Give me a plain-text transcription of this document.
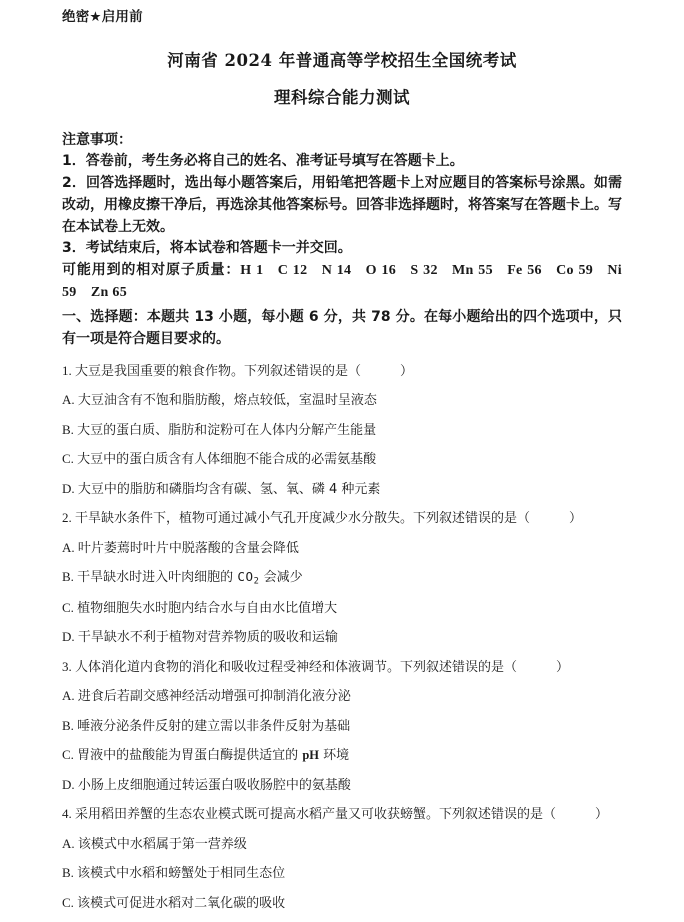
绝密★启用前
河南省 2024 年普通高等学校招生全国统考试
理科综合能力测试
注意事项：
1．答卷前，考生务必将自己的姓名、准考证号填写在答题卡上。
2．回答选择题时，选出每小题答案后，用铅笔把答题卡上对应题目的答案标号涂黑。如需改动，用橡皮擦干净后，再选涂其他答案标号。回答非选择题时，将答案写在答题卡上。写在本试卷上无效。
3．考试结束后，将本试卷和答题卡一并交回。
可能用到的相对原子质量：H 1 C 12 N 14 O 16 S 32 Mn 55 Fe 56 Co 59 Ni 59 Zn 65
一、选择题：本题共 13 小题，每小题 6 分，共 78 分。在每小题给出的四个选项中，只有一项是符合题目要求的。
1. 大豆是我国重要的粮食作物。下列叙述错误的是（　　　）
A. 大豆油含有不饱和脂肪酸，熔点较低，室温时呈液态
B. 大豆的蛋白质、脂肪和淀粉可在人体内分解产生能量
C. 大豆中的蛋白质含有人体细胞不能合成的必需氨基酸
D. 大豆中的脂肪和磷脂均含有碳、氢、氧、磷 4 种元素
2. 干旱缺水条件下，植物可通过减小气孔开度减少水分散失。下列叙述错误的是（　　　）
A. 叶片萎蔫时叶片中脱落酸的含量会降低
B. 干旱缺水时进入叶肉细胞的 $CO_2$ 会减少
C. 植物细胞失水时胞内结合水与自由水比值增大
D. 干旱缺水不利于植物对营养物质的吸收和运输
3. 人体消化道内食物的消化和吸收过程受神经和体液调节。下列叙述错误的是（　　　）
A. 进食后若副交感神经活动增强可抑制消化液分泌
B. 唾液分泌条件反射的建立需以非条件反射为基础
C. 胃液中的盐酸能为胃蛋白酶提供适宜的 pH 环境
D. 小肠上皮细胞通过转运蛋白吸收肠腔中的氨基酸
4. 采用稻田养蟹的生态农业模式既可提高水稻产量又可收获螃蟹。下列叙述错误的是（　　　）
A. 该模式中水稻属于第一营养级
B. 该模式中水稻和螃蟹处于相同生态位
C. 该模式可促进水稻对二氧化碳的吸收
